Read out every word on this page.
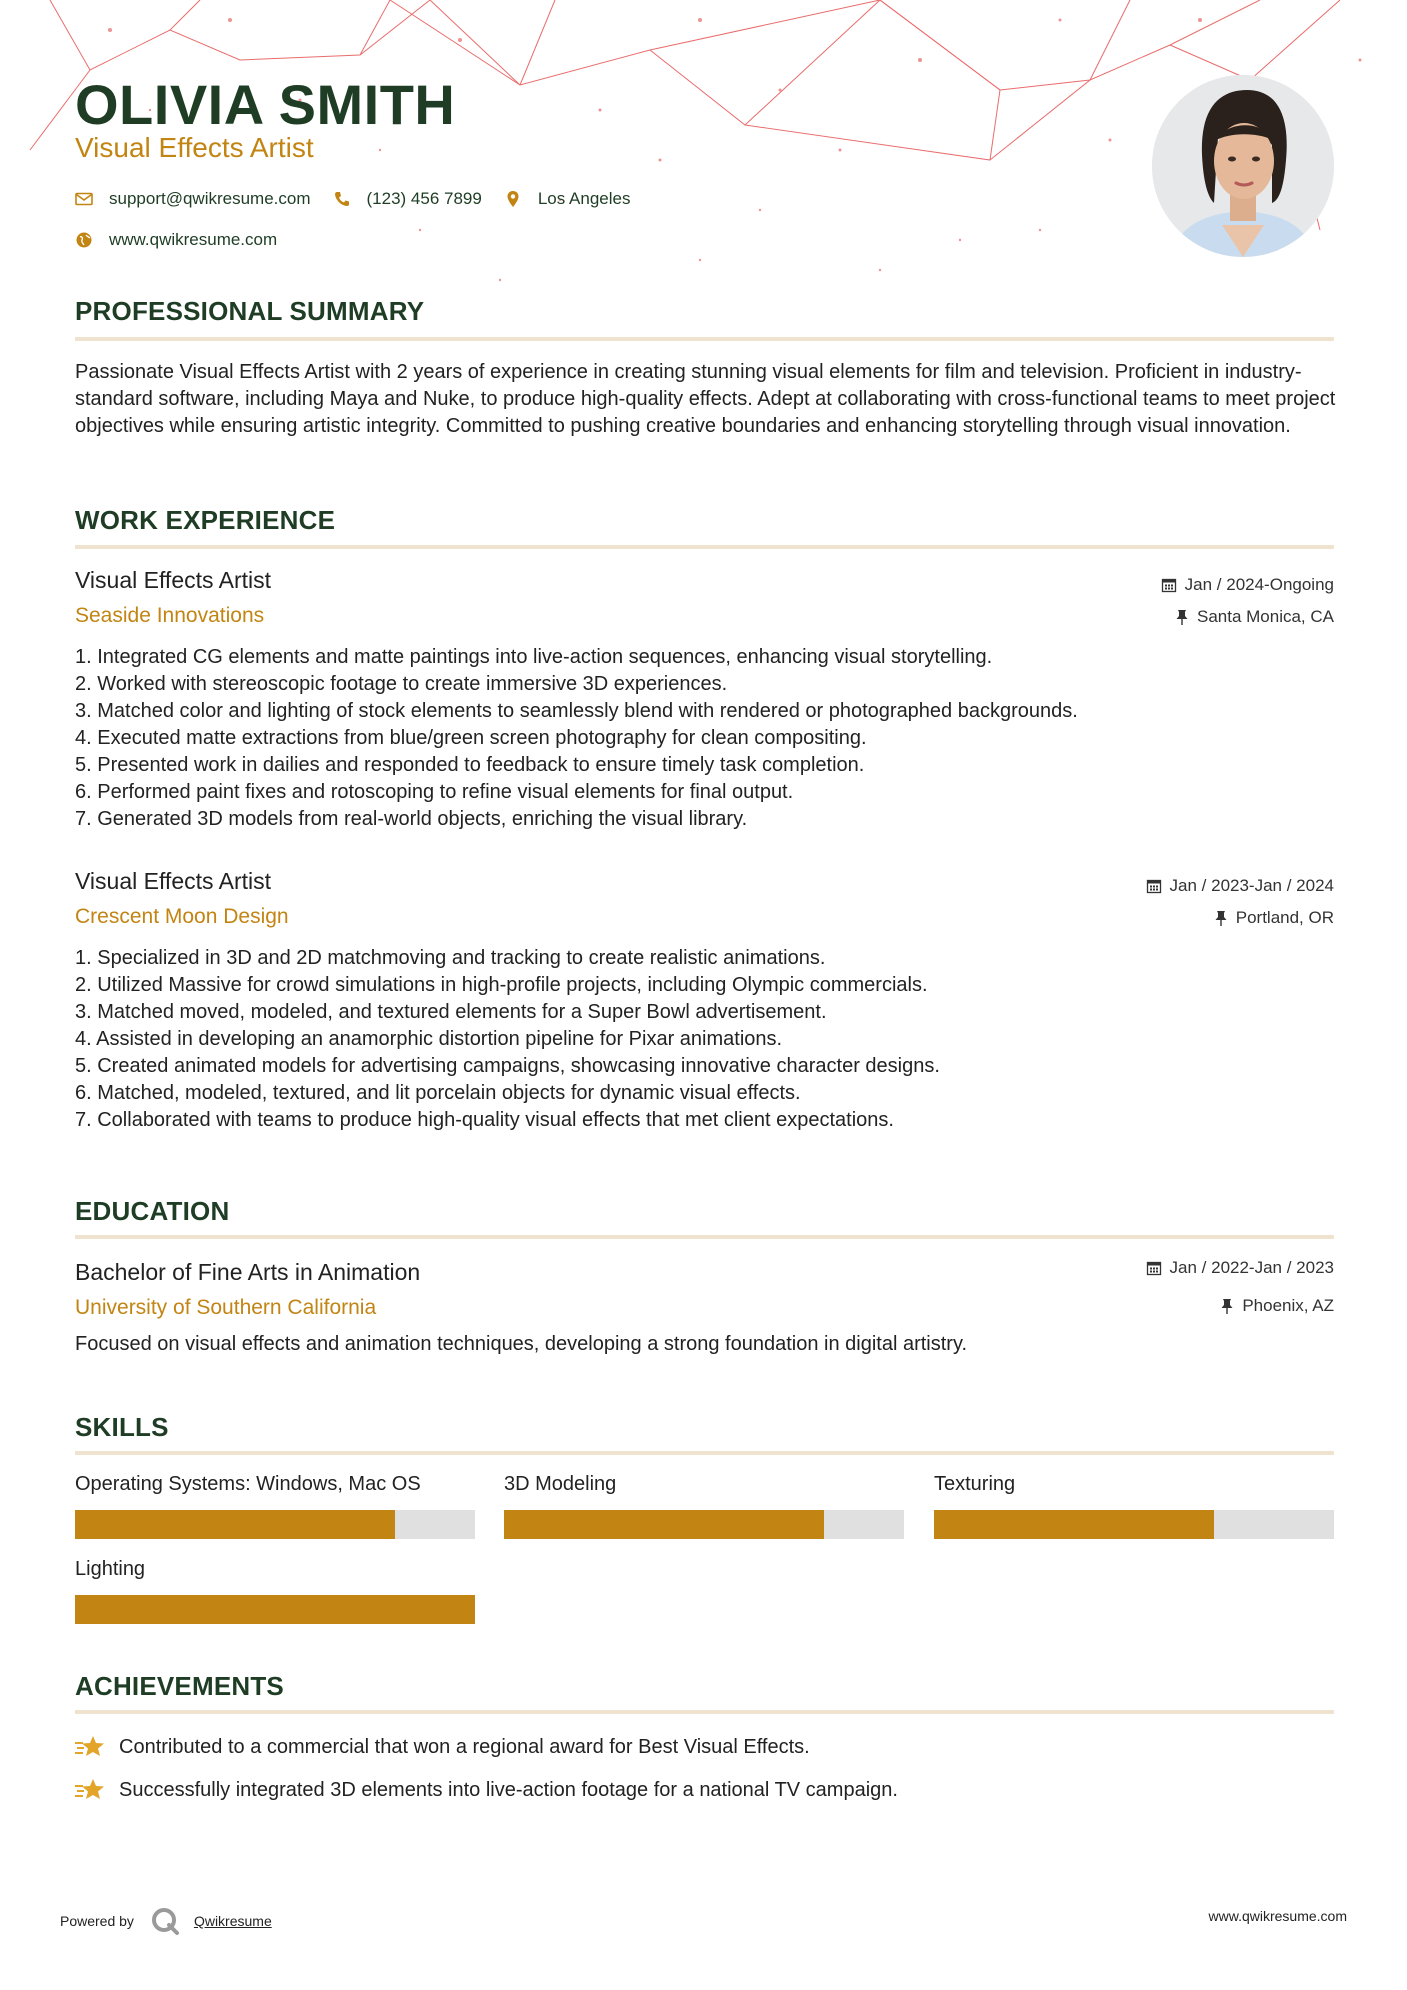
OLIVIA SMITH
Visual Effects Artist
support@qwikresume.com	(123) 456 7899	Los Angeles
www.qwikresume.com
PROFESSIONAL SUMMARY

Passionate Visual Effects Artist with 2 years of experience in creating stunning visual elements for film and television. Proficient in industry-standard software, including Maya and Nuke, to produce high-quality effects. Adept at collaborating with cross-functional teams to meet project objectives while ensuring artistic integrity. Committed to pushing creative boundaries and enhancing storytelling through visual innovation.

WORK EXPERIENCE
Visual Effects Artist
Seaside Innovations
Jan / 2024-Ongoing
Santa Monica, CA
1. Integrated CG elements and matte paintings into live-action sequences, enhancing visual storytelling.
2. Worked with stereoscopic footage to create immersive 3D experiences.
3. Matched color and lighting of stock elements to seamlessly blend with rendered or photographed backgrounds.
4. Executed matte extractions from blue/green screen photography for clean compositing.
5. Presented work in dailies and responded to feedback to ensure timely task completion.
6. Performed paint fixes and rotoscoping to refine visual elements for final output.
7. Generated 3D models from real-world objects, enriching the visual library.
Visual Effects Artist
Crescent Moon Design
Jan / 2023-Jan / 2024
Portland, OR
1. Specialized in 3D and 2D matchmoving and tracking to create realistic animations.
2. Utilized Massive for crowd simulations in high-profile projects, including Olympic commercials.
3. Matched moved, modeled, and textured elements for a Super Bowl advertisement.
4. Assisted in developing an anamorphic distortion pipeline for Pixar animations.
5. Created animated models for advertising campaigns, showcasing innovative character designs.
6. Matched, modeled, textured, and lit porcelain objects for dynamic visual effects.
7. Collaborated with teams to produce high-quality visual effects that met client expectations.
EDUCATION
Bachelor of Fine Arts in Animation
University of Southern California
Jan / 2022-Jan / 2023
Phoenix, AZ

Focused on visual effects and animation techniques, developing a strong foundation in digital artistry.

SKILLS
Operating Systems: Windows, Mac OS	3D Modeling	Texturing
Lighting
ACHIEVEMENTS
Contributed to a commercial that won a regional award for Best Visual Effects.
Successfully integrated 3D elements into live-action footage for a national TV campaign.
Powered by	Qwikresume	www.qwikresume.com
